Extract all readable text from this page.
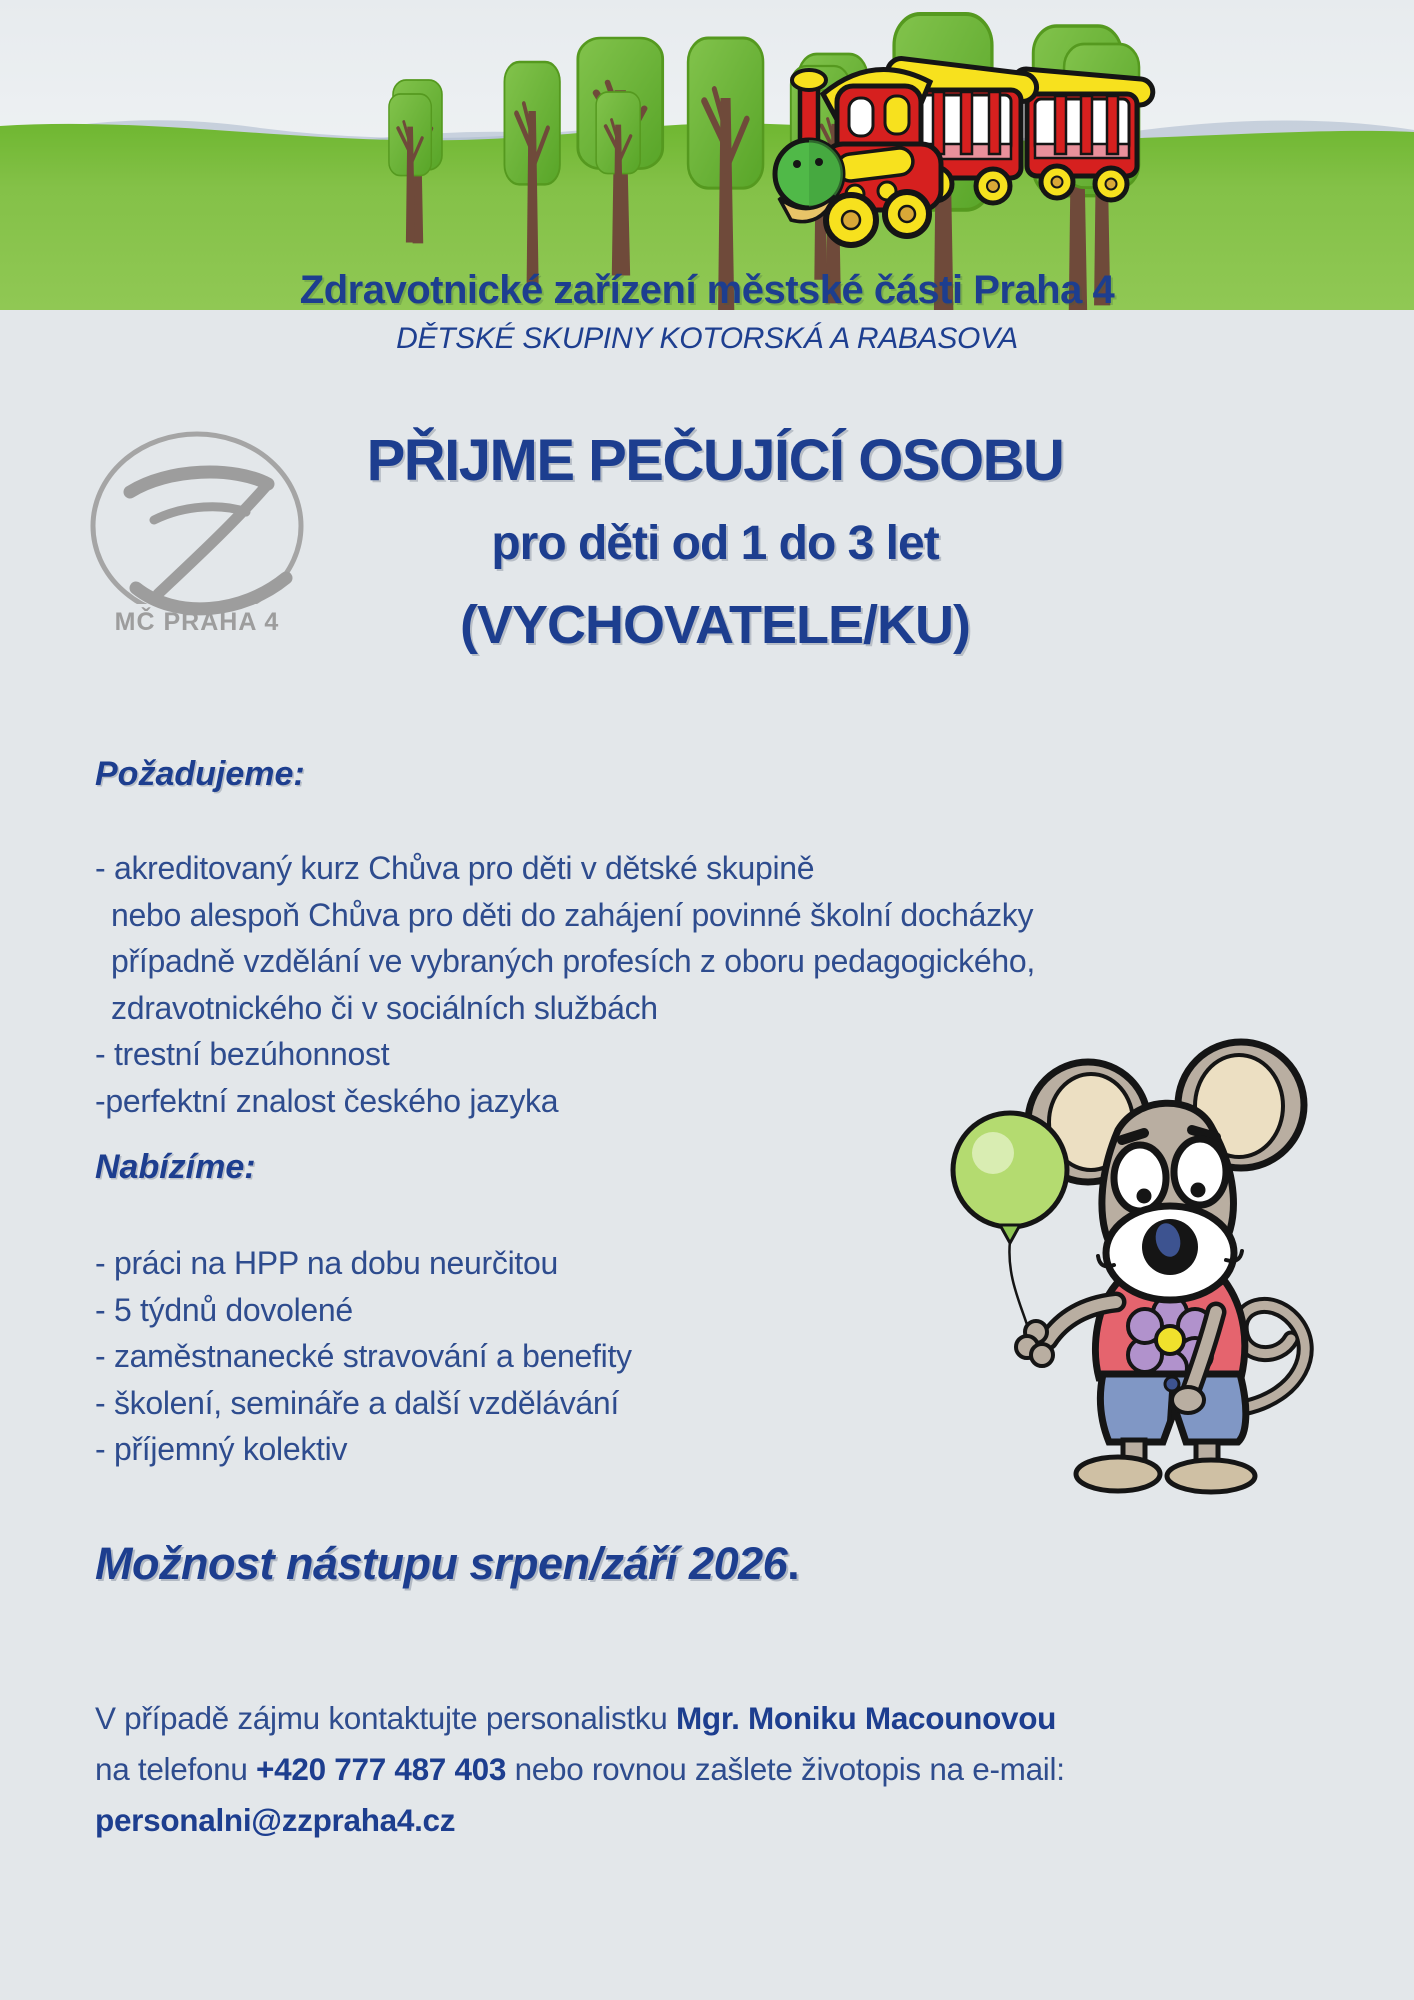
Zdravotnické zařízení městské části Praha 4
DĚTSKÉ SKUPINY KOTORSKÁ A RABASOVA
MČ PRAHA 4
PŘIJME PEČUJÍCÍ OSOBU
pro děti od 1 do 3 let
(VYCHOVATELE/KU)
Požadujeme:
- akreditovaný kurz Chůva pro děti v dětské skupině
nebo alespoň Chůva pro děti do zahájení povinné školní docházky
případně vzdělání ve vybraných profesích z oboru pedagogického,
zdravotnického či v sociálních službách
- trestní bezúhonnost
-perfektní znalost českého jazyka
Nabízíme:
- práci na HPP na dobu neurčitou
- 5 týdnů dovolené
- zaměstnanecké stravování a benefity
- školení, semináře a další vzdělávání
- příjemný kolektiv
Možnost nástupu srpen/září 2026.
V případě zájmu kontaktujte personalistku Mgr. Moniku Macounovou
na telefonu +420 777 487 403 nebo rovnou zašlete životopis na e-mail:
personalni@zzpraha4.cz
